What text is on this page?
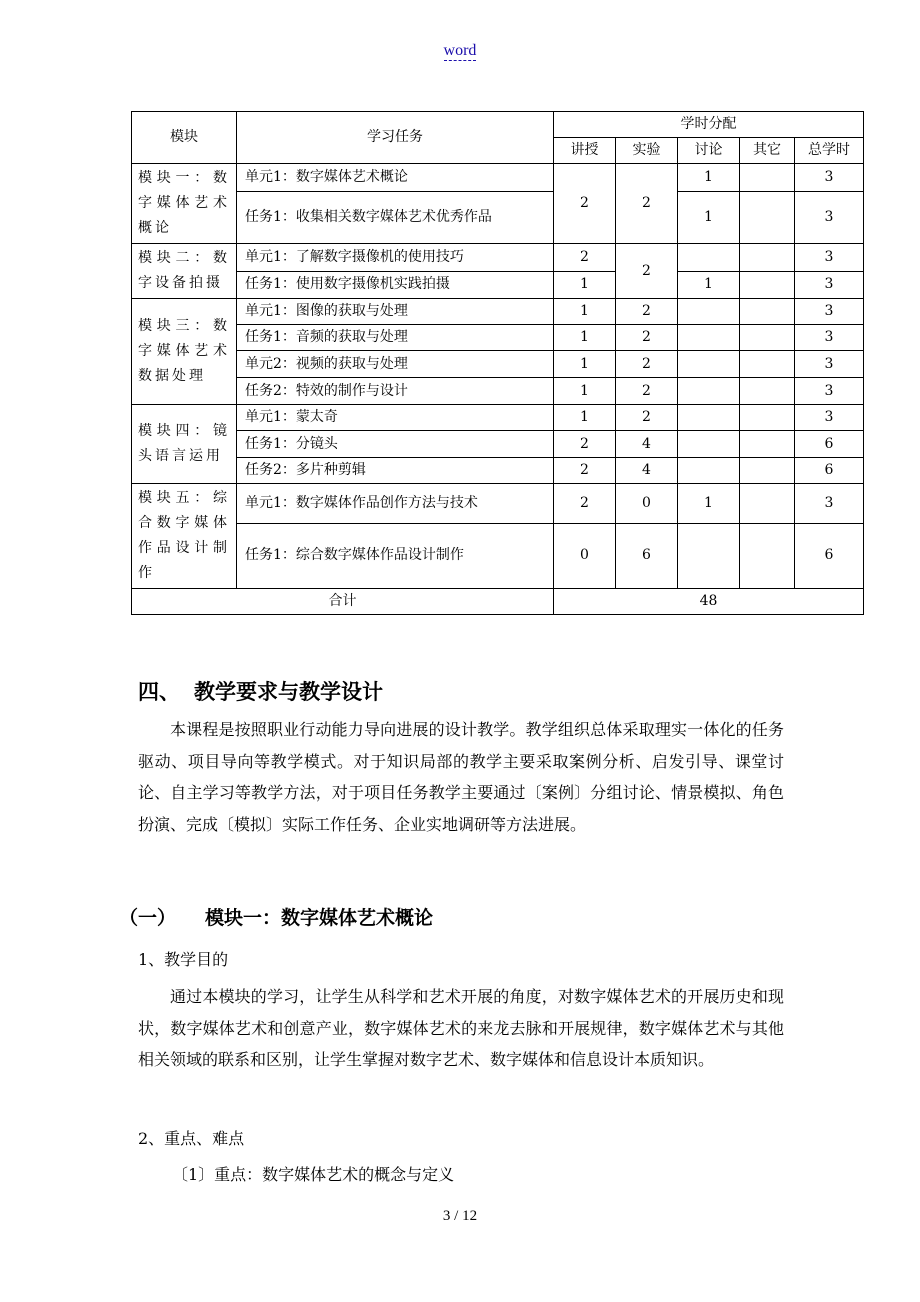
word
模块	学习任务	学时分配				
		讲授	实验	讨论	其它	总学时
模块一：数字媒体艺术概论	单元1：数字媒体艺术概论	2	2	1		3
	任务1：收集相关数字媒体艺术优秀作品			1		3
模块二：数字设备拍摄	单元1：了解数字摄像机的使用技巧	2	2			3
	任务1：使用数字摄像机实践拍摄	1		1		3
模块三：数字媒体艺术数据处理	单元1：图像的获取与处理	1	2			3
	任务1：音频的获取与处理	1	2			3
	单元2：视频的获取与处理	1	2			3
	任务2：特效的制作与设计	1	2			3
模块四：镜头语言运用	单元1：蒙太奇	1	2			3
	任务1：分镜头	2	4			6
	任务2：多片种剪辑	2	4			6
模块五：综合数字媒体作品设计制作	单元1：数字媒体作品创作方法与技术	2	0	1		3
	任务1：综合数字媒体作品设计制作	0	6			6
合计		48				
四、 教学要求与教学设计
本课程是按照职业行动能力导向进展的设计教学。教学组织总体采取理实一体化的任务驱动、项目导向等教学模式。对于知识局部的教学主要采取案例分析、启发引导、课堂讨论、自主学习等教学方法，对于项目任务教学主要通过〔案例〕分组讨论、情景模拟、角色扮演、完成〔模拟〕实际工作任务、企业实地调研等方法进展。
（一） 模块一：数字媒体艺术概论
1、教学目的
通过本模块的学习，让学生从科学和艺术开展的角度，对数字媒体艺术的开展历史和现状，数字媒体艺术和创意产业，数字媒体艺术的来龙去脉和开展规律，数字媒体艺术与其他相关领域的联系和区别，让学生掌握对数字艺术、数字媒体和信息设计本质知识。
2、重点、难点
〔1〕重点：数字媒体艺术的概念与定义
3 / 12
